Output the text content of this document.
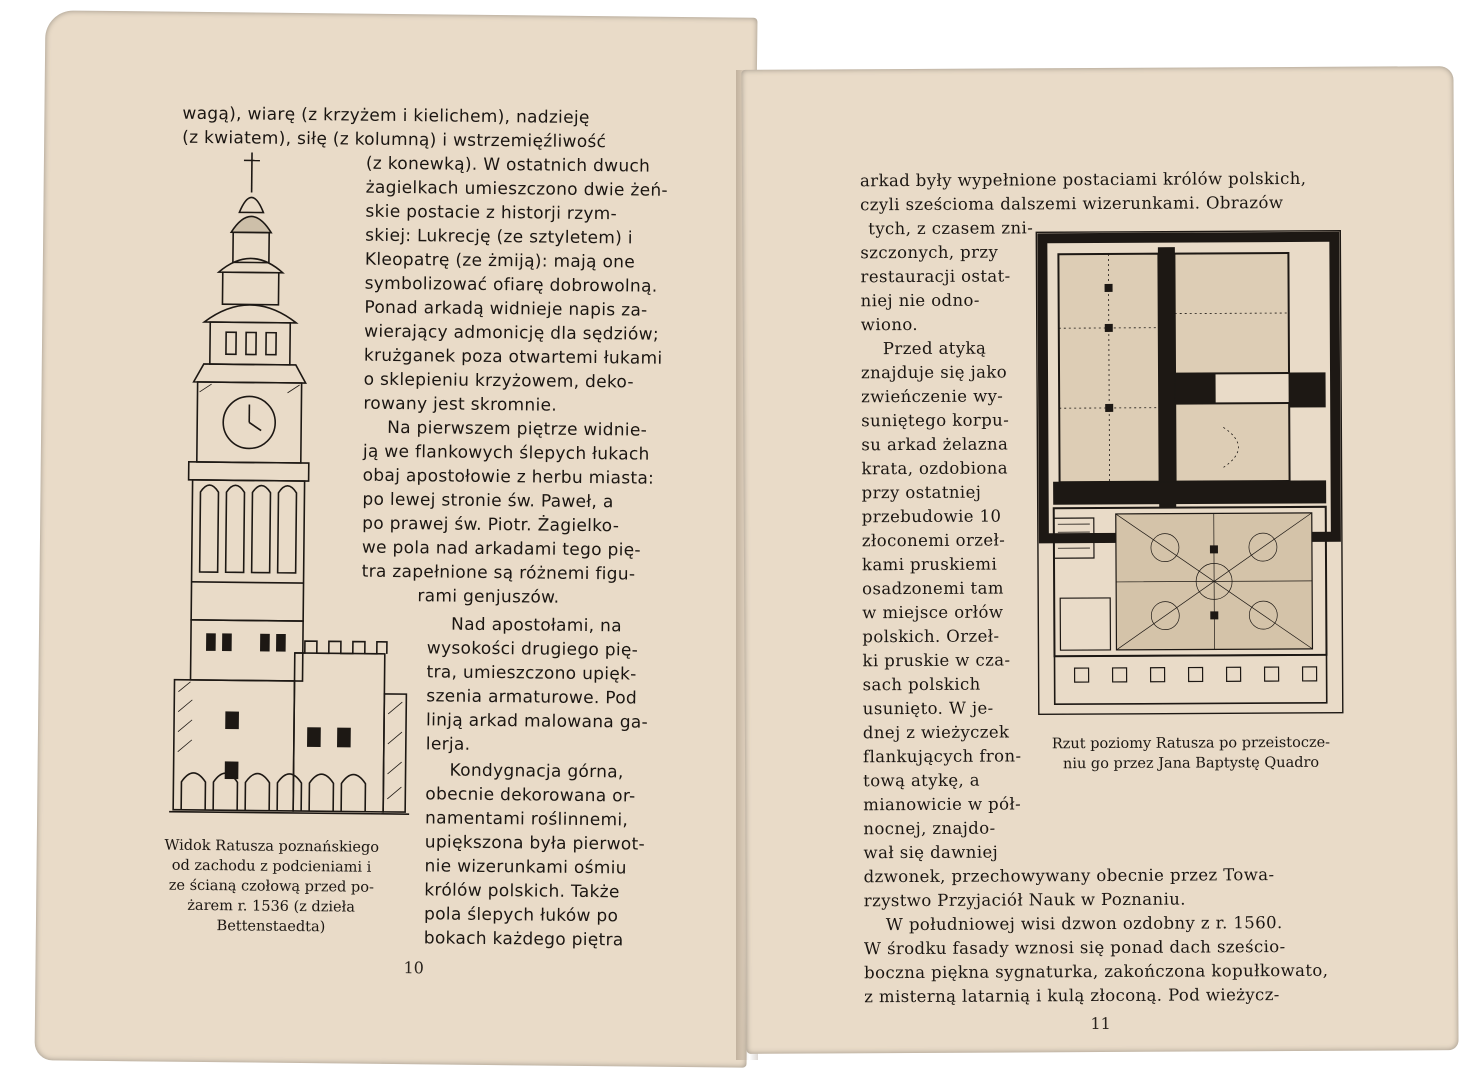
wagą), wiarę (z krzyżem i kielichem), nadzieję
(z kwiatem), siłę (z kolumną) i wstrzemięźliwość
(z konewką). W ostatnich dwuch
żagielkach umieszczono dwie żeń-
skie postacie z historji rzym-
skiej: Lukrecję (ze sztyletem) i
Kleopatrę (ze żmiją): mają one
symbolizować ofiarę dobrowolną.
Ponad arkadą widnieje napis za-
wierający admonicję dla sędziów;
krużganek poza otwartemi łukami
o sklepieniu krzyżowem, deko-
rowany jest skromnie.
Na pierwszem piętrze widnie-
ją we flankowych ślepych łukach
obaj apostołowie z herbu miasta:
po lewej stronie św. Paweł, a
po prawej św. Piotr. Żagielko-
we pola nad arkadami tego pię-
tra zapełnione są różnemi figu-
rami genjuszów.
Nad apostołami, na
wysokości drugiego pię-
tra, umieszczono upięk-
szenia armaturowe. Pod
linją arkad malowana ga-
lerja.
Kondygnacja górna,
obecnie dekorowana or-
namentami roślinnemi,
upiększona była pierwot-
nie wizerunkami ośmiu
królów polskich. Także
pola ślepych łuków po
bokach każdego piętra
Widok Ratusza poznańskiego
od zachodu z podcieniami i
ze ścianą czołową przed po-
żarem r. 1536 (z dzieła
Bettenstaedta)
10
arkad były wypełnione postaciami królów polskich,
czyli sześcioma dalszemi wizerunkami. Obrazów
tych, z czasem zni-
szczonych, przy
restauracji ostat-
niej nie odno-
wiono.
Przed atyką
znajduje się jako
zwieńczenie wy-
suniętego korpu-
su arkad żelazna
krata, ozdobiona
przy ostatniej
przebudowie 10
złoconemi orzeł-
kami pruskiemi
osadzonemi tam
w miejsce orłów
polskich. Orzeł-
ki pruskie w cza-
sach polskich
usunięto. W je-
dnej z wieżyczek
flankujących fron-
tową atykę, a
mianowicie w pół-
nocnej, znajdo-
wał się dawniej
dzwonek, przechowywany obecnie przez Towa-
rzystwo Przyjaciół Nauk w Poznaniu.
W południowej wisi dzwon ozdobny z r. 1560.
W środku fasady wznosi się ponad dach sześcio-
boczna piękna sygnaturka, zakończona kopułkowato,
z misterną latarnią i kulą złoconą. Pod wieżycz-
Rzut poziomy Ratusza po przeistocze-
niu go przez Jana Baptystę Quadro
11
